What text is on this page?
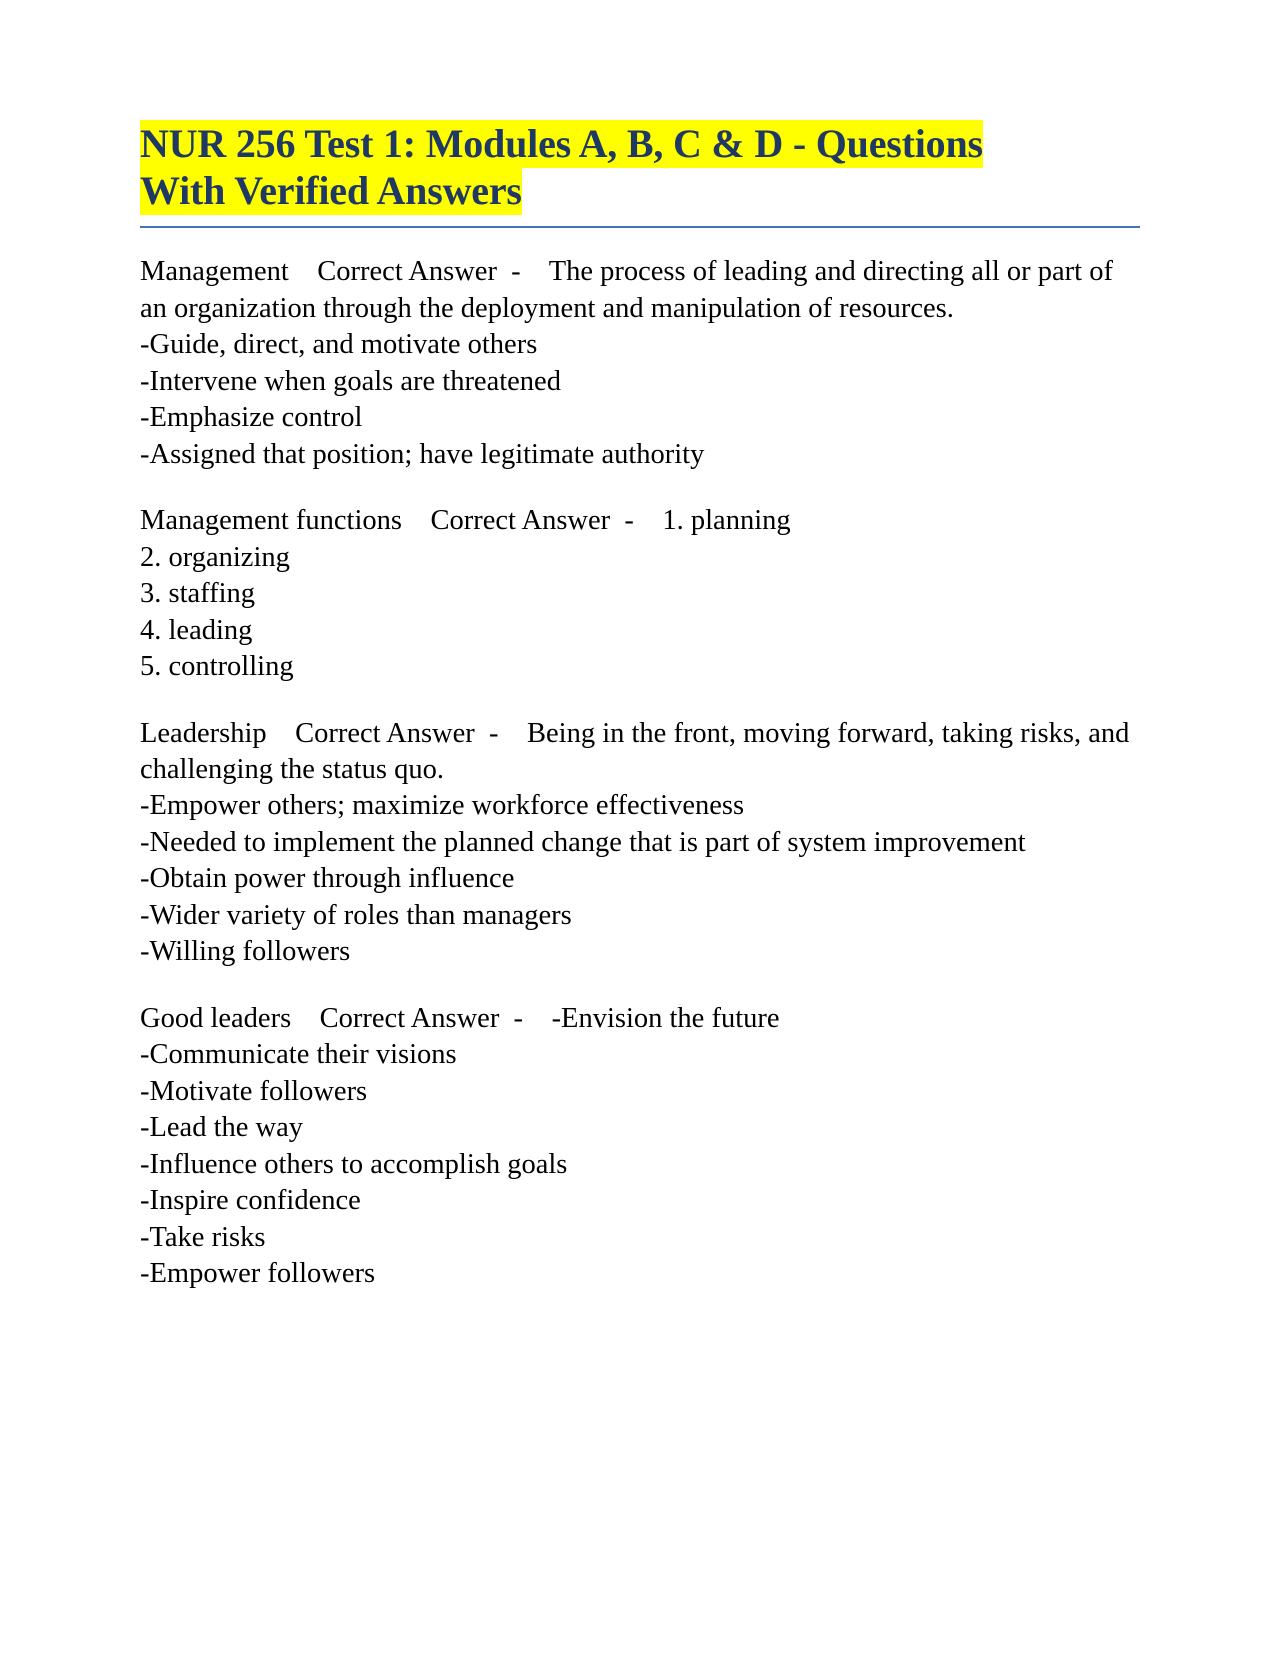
NUR 256 Test 1: Modules A, B, C & D - Questions
With Verified Answers

Management Correct Answer  -    The process of leading and directing all or part of an organization through the deployment and manipulation of resources.

-Guide, direct, and motivate others

-Intervene when goals are threatened

-Emphasize control

-Assigned that position; have legitimate authority

Management functions Correct Answer  -    1. planning

2. organizing

3. staffing

4. leading

5. controlling

Leadership Correct Answer  -    Being in the front, moving forward, taking risks, and challenging the status quo.

-Empower others; maximize workforce effectiveness

-Needed to implement the planned change that is part of system improvement

-Obtain power through influence

-Wider variety of roles than managers

-Willing followers

Good leaders Correct Answer  -    -Envision the future

-Communicate their visions

-Motivate followers

-Lead the way

-Influence others to accomplish goals

-Inspire confidence

-Take risks

-Empower followers
